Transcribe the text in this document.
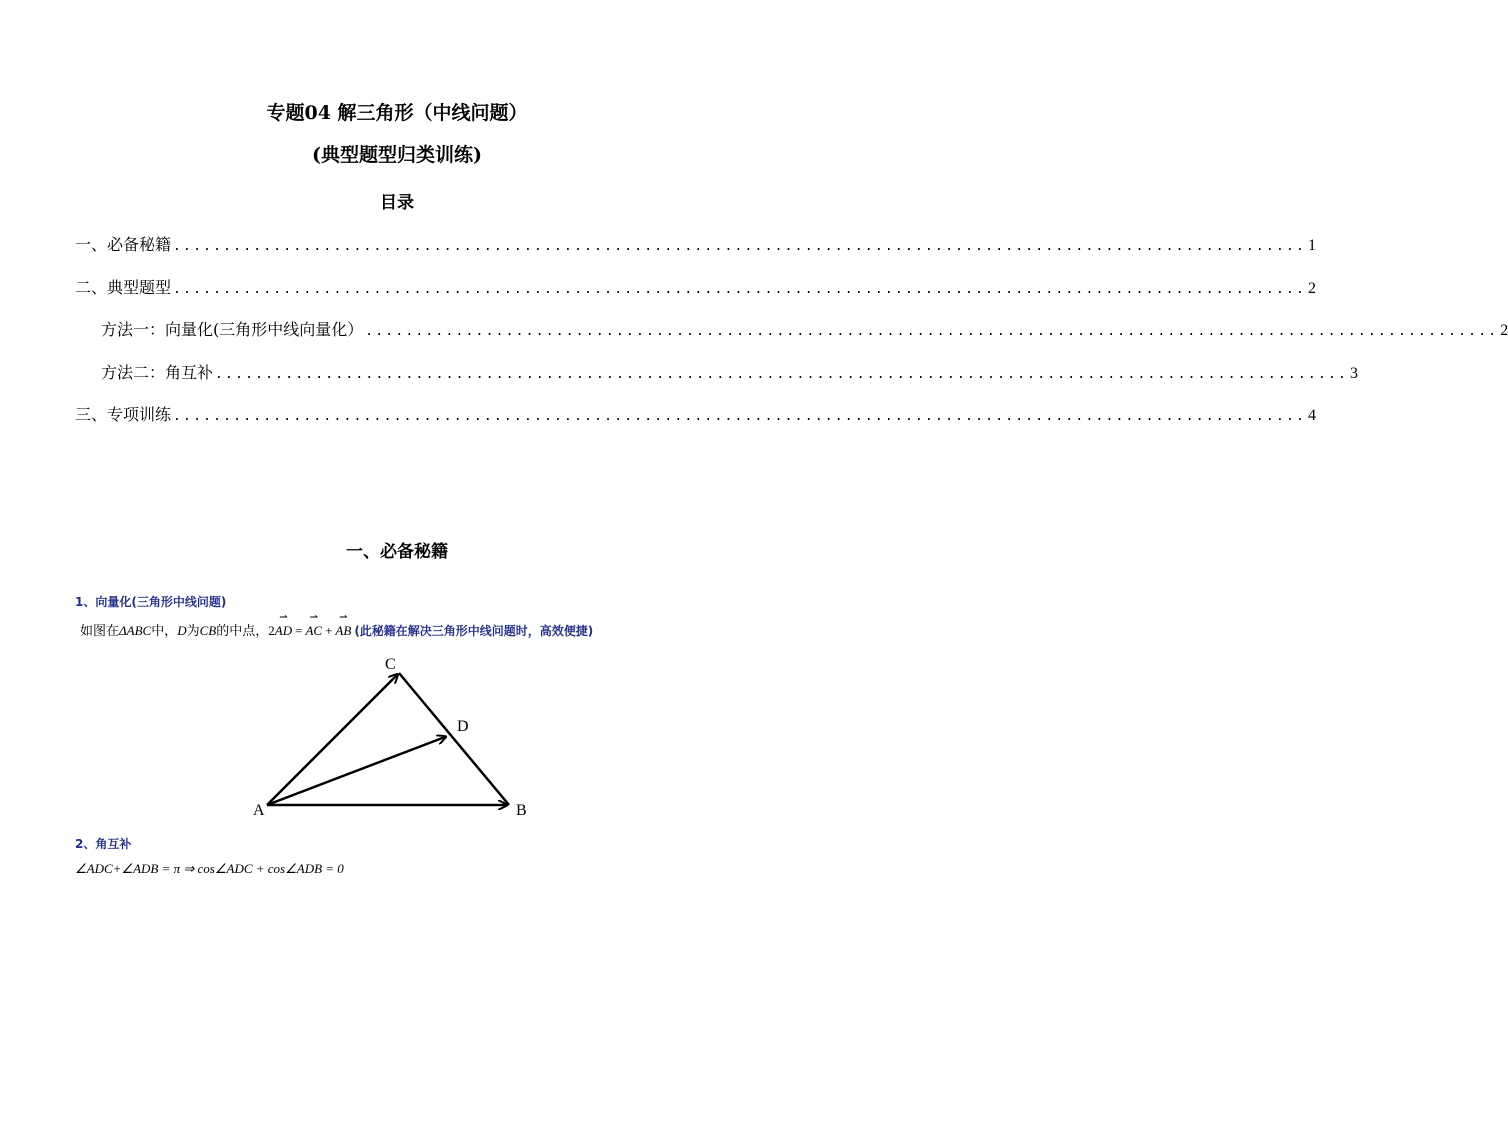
专题04 解三角形（中线问题）
(典型题型归类训练)
目录
一、必备秘籍 ................................................................................................................. 1
二、典型题型 ................................................................................................................. 2
方法一：向量化(三角形中线向量化） ................................................................................................................. 2
方法二：角互补 ................................................................................................................. 3
三、专项训练 ................................................................................................................. 4
一、必备秘籍
1、向量化(三角形中线问题)
如图在ΔABC中，D为CB的中点，2⇀ AD = ⇀ AC + ⇀ AB (此秘籍在解决三角形中线问题时，高效便捷)
A	B
C
D
2、角互补
∠ADC+∠ADB = π ⇒ cos∠ADC + cos∠ADB = 0
